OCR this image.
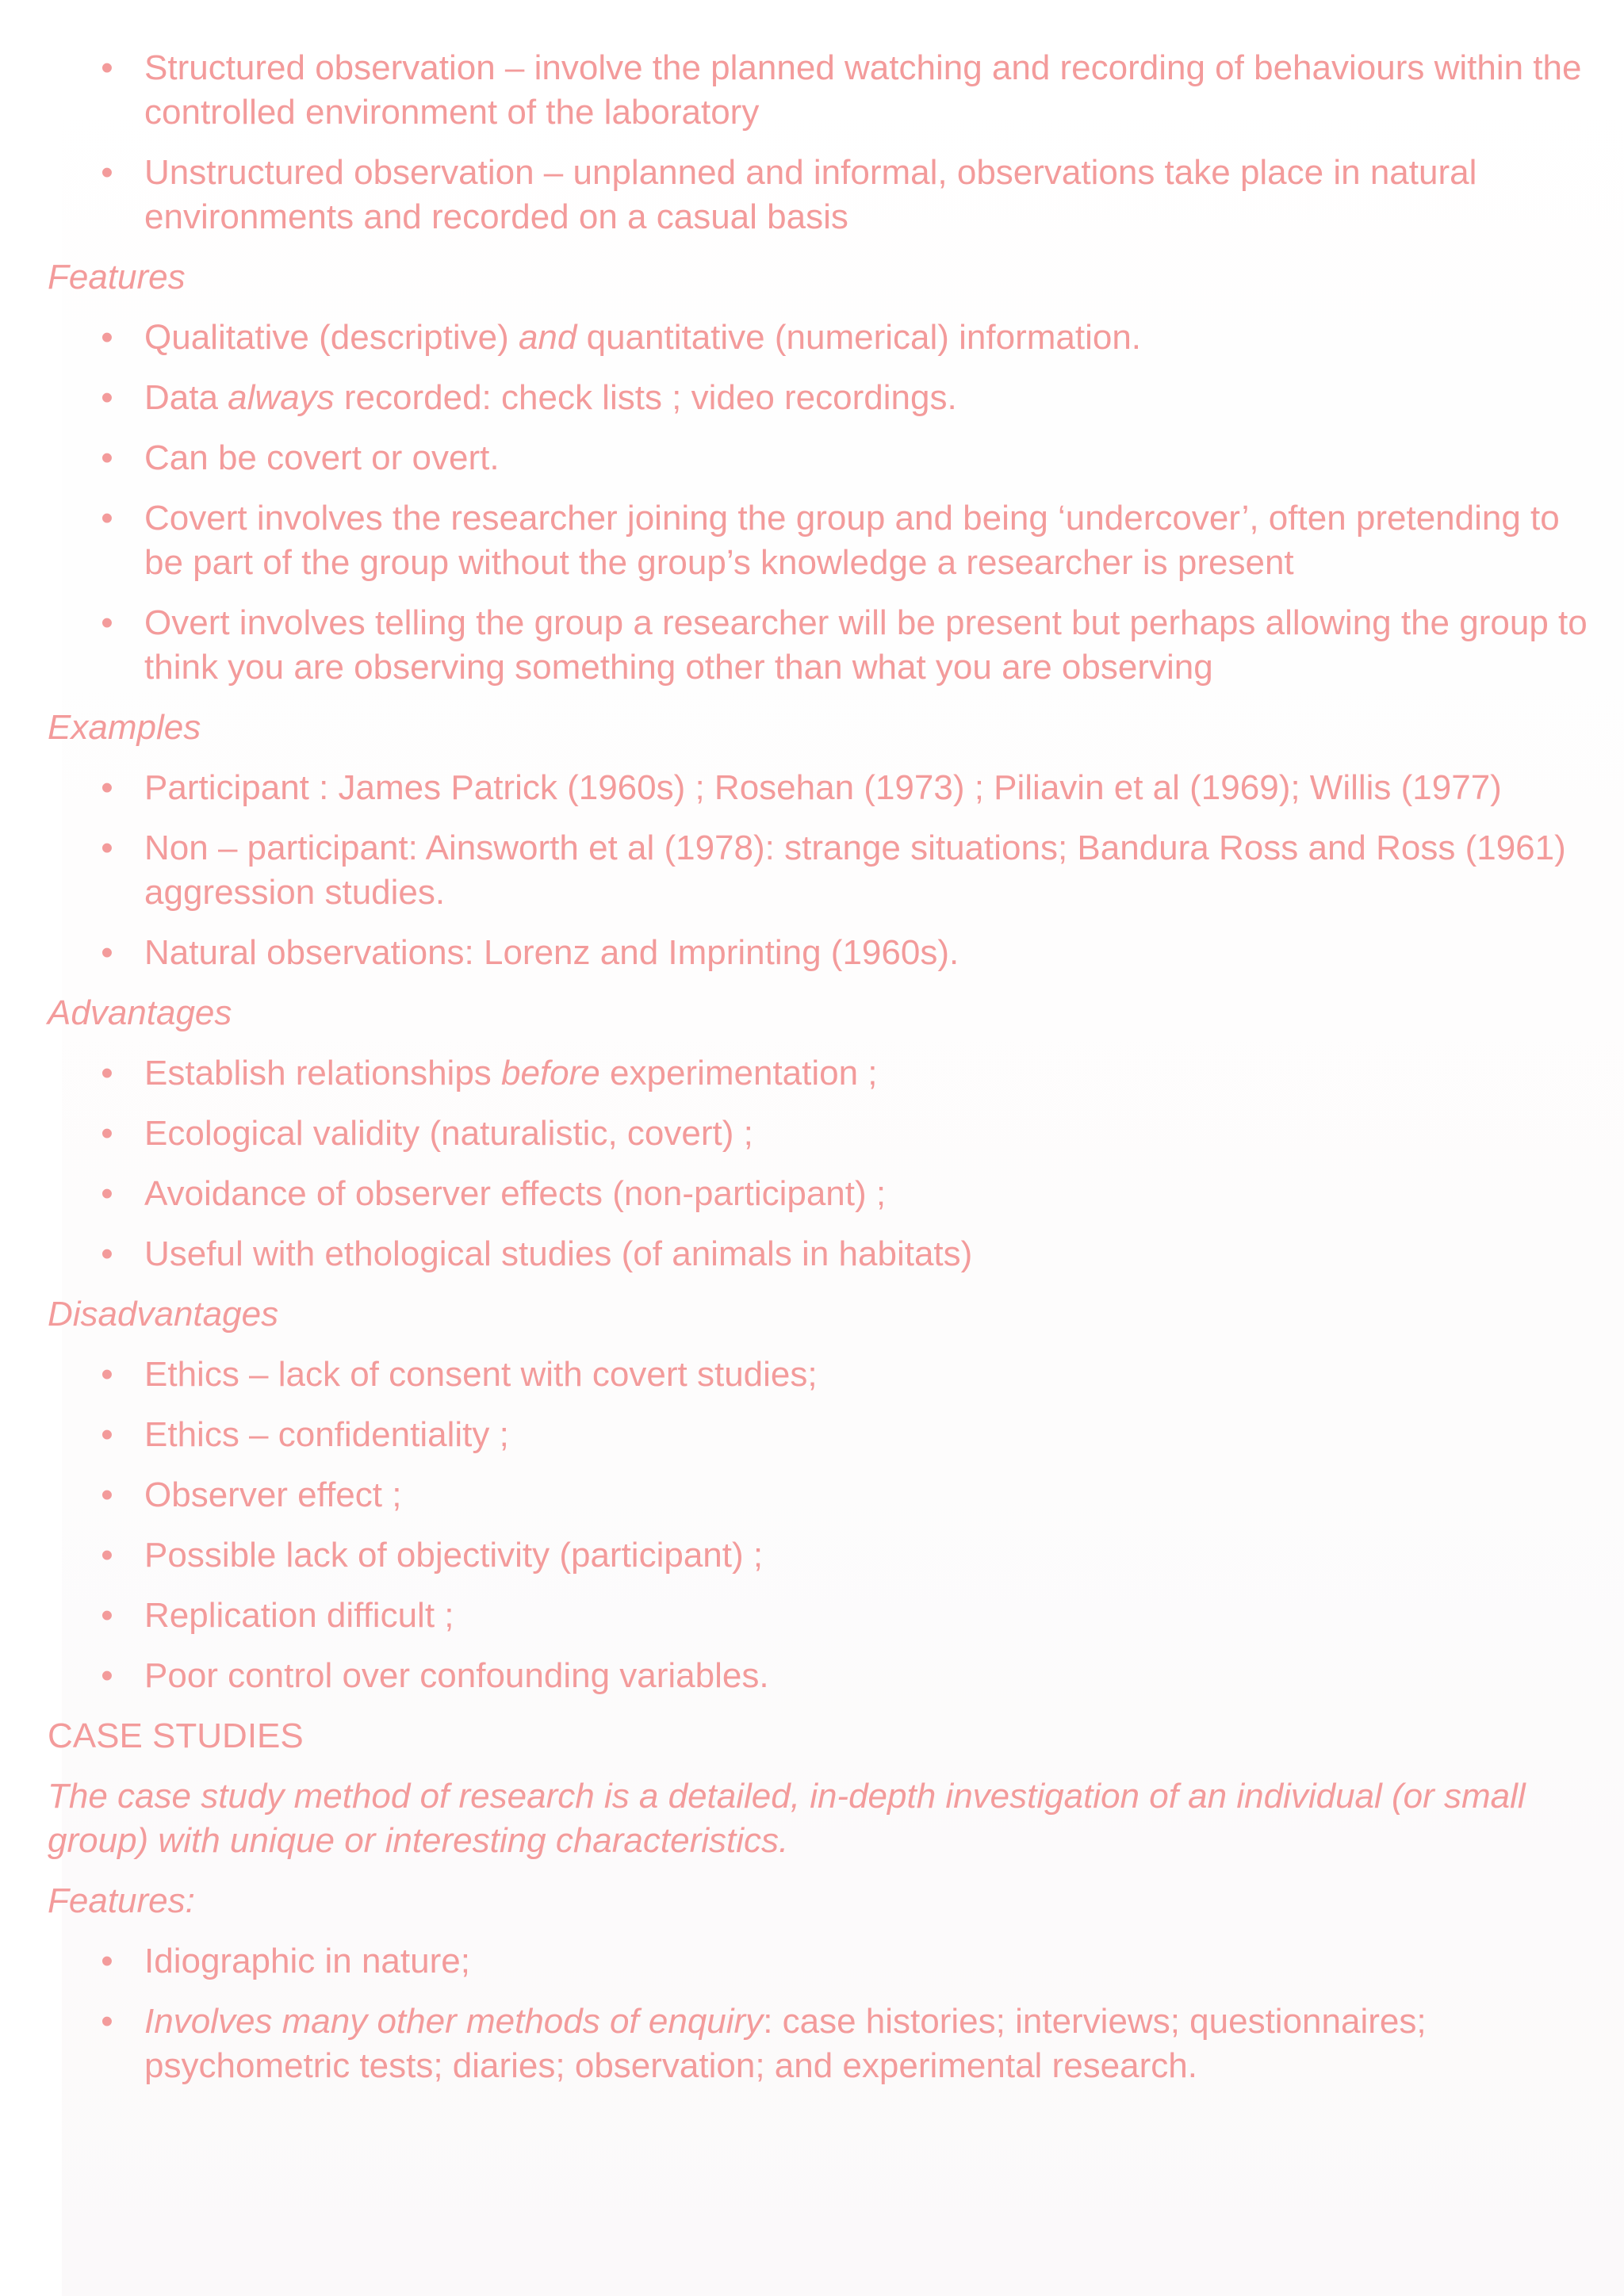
• Structured observation – involve the planned watching and recording of behaviours within the controlled environment of the laboratory
• Unstructured observation – unplanned and informal, observations take place in natural environments and recorded on a casual basis
Features
• Qualitative (descriptive) and quantitative (numerical) information.
• Data always recorded: check lists ; video recordings.
• Can be covert or overt.
• Covert involves the researcher joining the group and being ‘undercover’, often pretending to be part of the group without the group’s knowledge a researcher is present
• Overt involves telling the group a researcher will be present but perhaps allowing the group to think you are observing something other than what you are observing
Examples
• Participant : James Patrick (1960s) ; Rosehan (1973) ; Piliavin et al (1969); Willis (1977)
• Non – participant: Ainsworth et al (1978): strange situations; Bandura Ross and Ross (1961) aggression studies.
• Natural observations: Lorenz and Imprinting (1960s).
Advantages
• Establish relationships before experimentation ;
• Ecological validity (naturalistic, covert) ;
• Avoidance of observer effects (non-participant) ;
• Useful with ethological studies (of animals in habitats)
Disadvantages
• Ethics – lack of consent with covert studies;
• Ethics – confidentiality ;
• Observer effect ;
• Possible lack of objectivity (participant) ;
• Replication difficult ;
• Poor control over confounding variables.
CASE STUDIES
The case study method of research is a detailed, in-depth investigation of an individual (or small group) with unique or interesting characteristics.
Features:
• Idiographic in nature;
• Involves many other methods of enquiry: case histories; interviews; questionnaires; psychometric tests; diaries; observation; and experimental research.
